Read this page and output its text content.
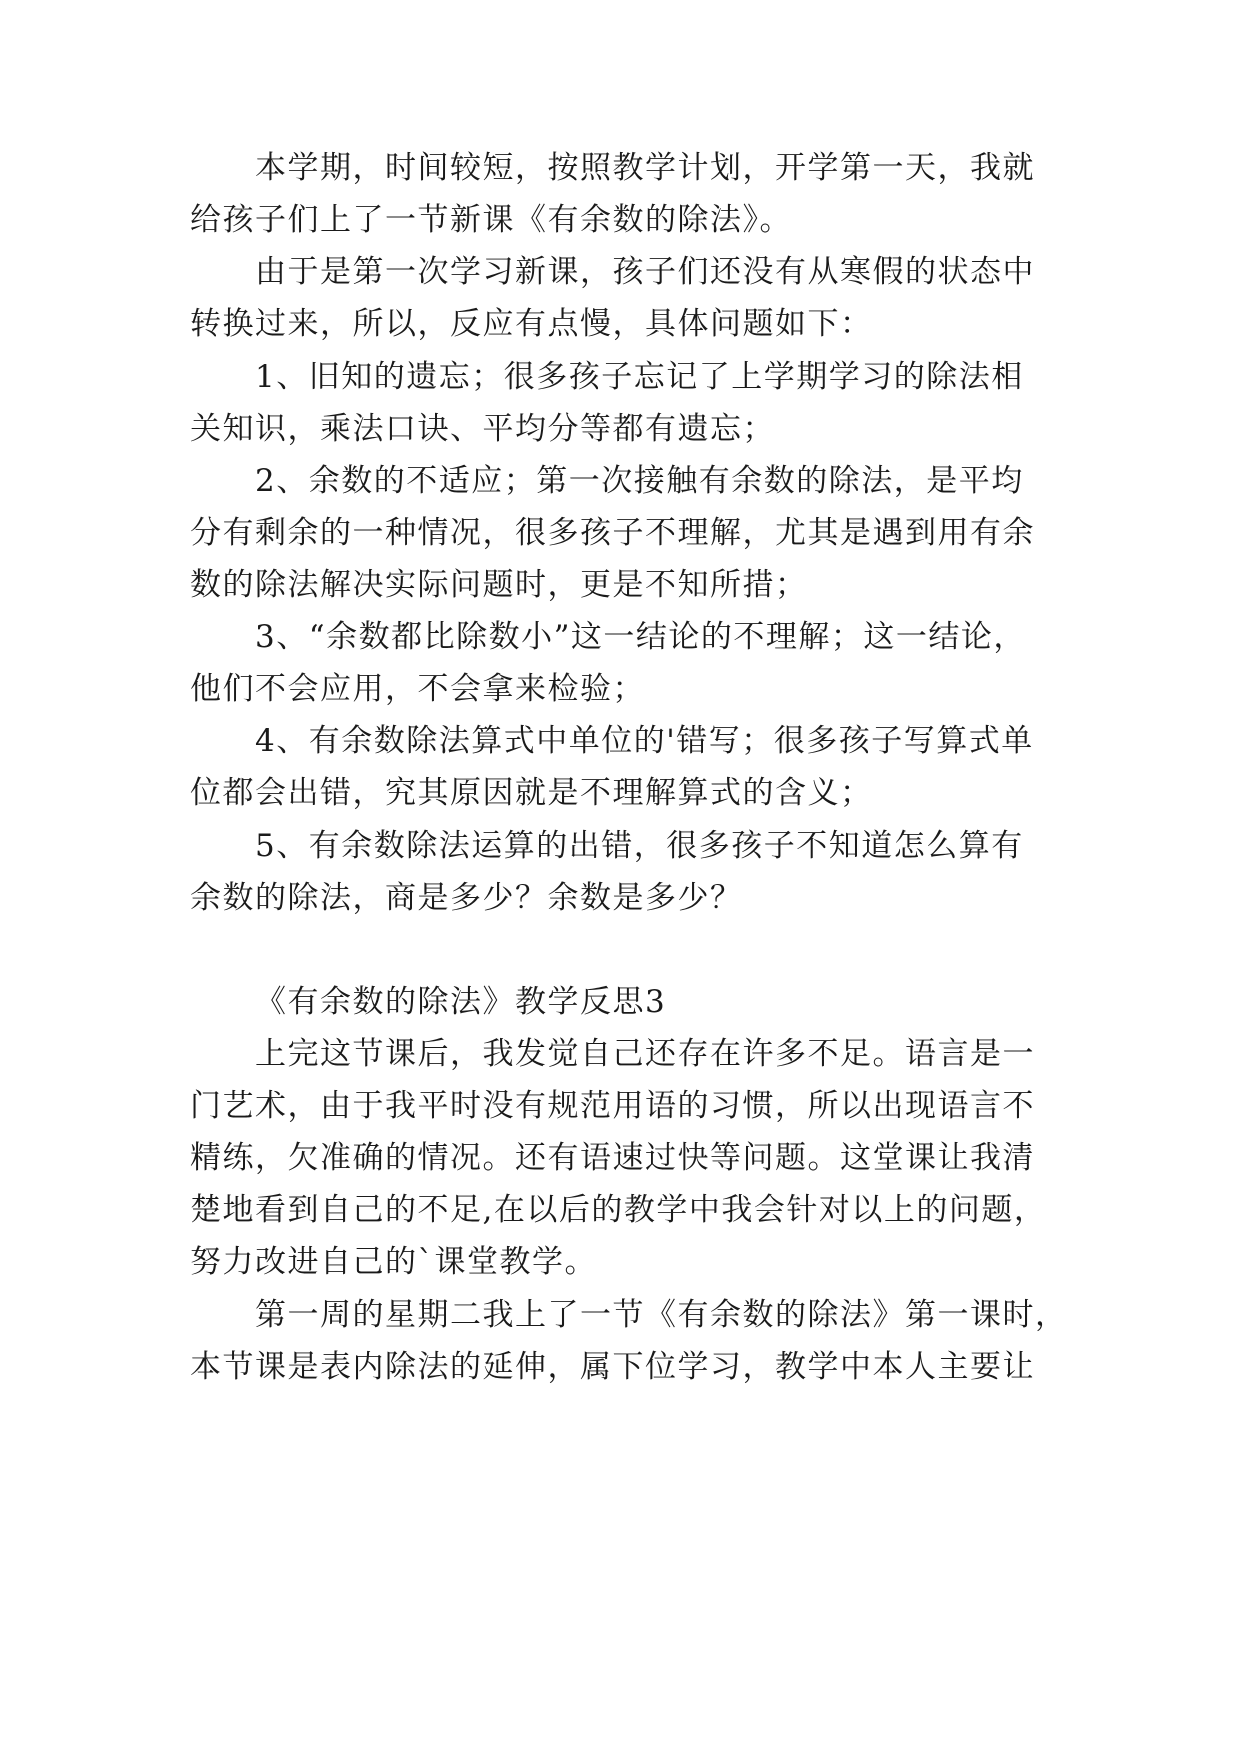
本学期，时间较短，按照教学计划，开学第一天，我就
给孩子们上了一节新课《有余数的除法》。
由于是第一次学习新课，孩子们还没有从寒假的状态中
转换过来，所以，反应有点慢，具体问题如下：
1、旧知的遗忘；很多孩子忘记了上学期学习的除法相
关知识，乘法口诀、平均分等都有遗忘；
2、余数的不适应；第一次接触有余数的除法，是平均
分有剩余的一种情况，很多孩子不理解，尤其是遇到用有余
数的除法解决实际问题时，更是不知所措；
3、“余数都比除数小”这一结论的不理解；这一结论，
他们不会应用，不会拿来检验；
4、有余数除法算式中单位的'错写；很多孩子写算式单
位都会出错，究其原因就是不理解算式的含义；
5、有余数除法运算的出错，很多孩子不知道怎么算有
余数的除法，商是多少？余数是多少？
《有余数的除法》教学反思3
上完这节课后，我发觉自己还存在许多不足。语言是一
门艺术，由于我平时没有规范用语的习惯，所以出现语言不
精练，欠准确的情况。还有语速过快等问题。这堂课让我清
楚地看到自己的不足,在以后的教学中我会针对以上的问题，
努力改进自己的`课堂教学。
第一周的星期二我上了一节《有余数的除法》第一课时，
本节课是表内除法的延伸，属下位学习，教学中本人主要让
